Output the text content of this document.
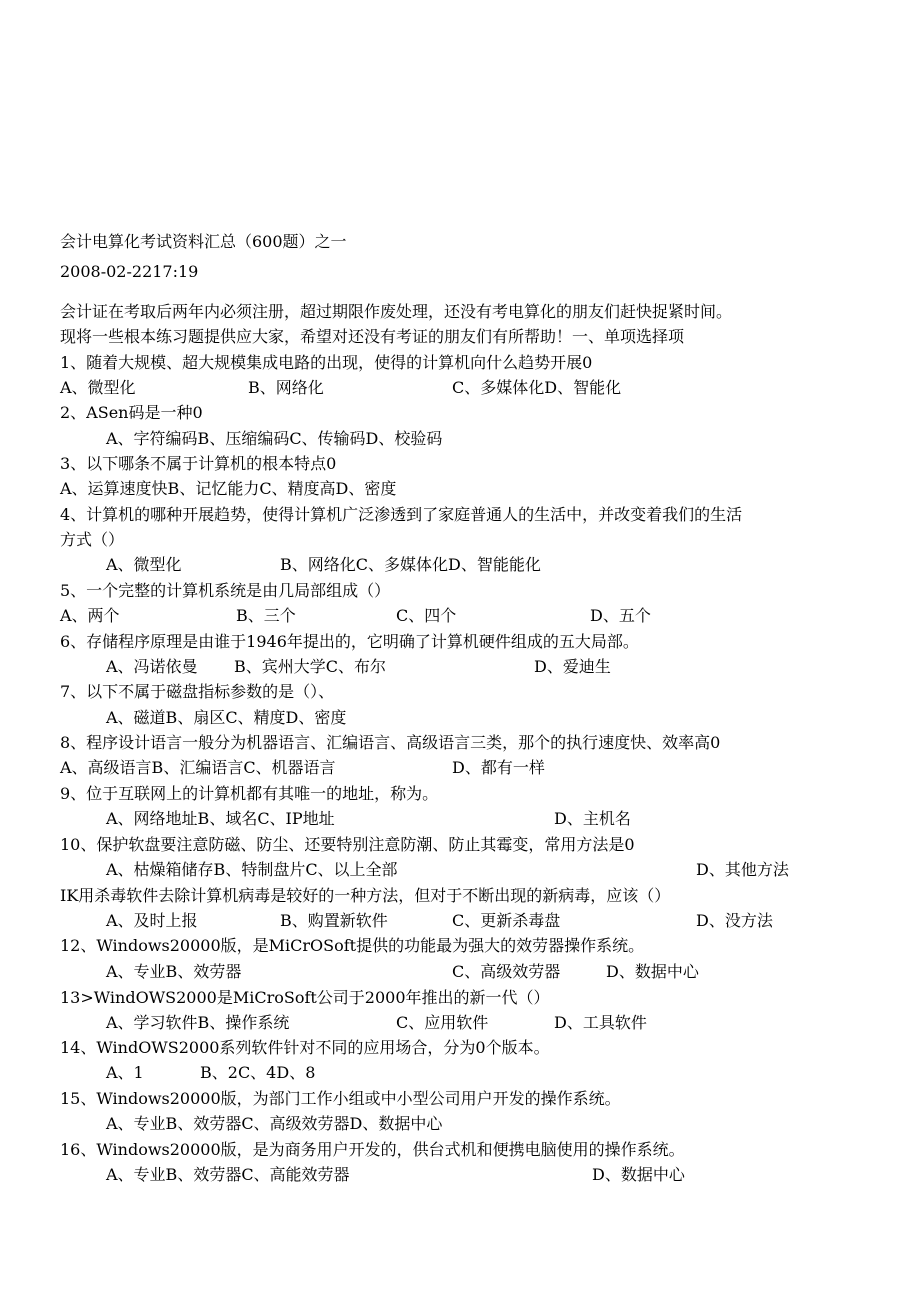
会计电算化考试资料汇总（600题）之一
2008-02-2217:19
会计证在考取后两年内必须注册，超过期限作废处理，还没有考电算化的朋友们赶快捉紧时间。
现将一些根本练习题提供应大家，希望对还没有考证的朋友们有所帮助！一、单项选择项
1、随着大规模、超大规模集成电路的出现，使得的计算机向什么趋势开展0
A、微型化	B、网络化	C、多媒体化D、智能化
2、ASen码是一种0
A、字符编码B、压缩编码C、传输码D、校验码
3、以下哪条不属于计算机的根本特点0
A、运算速度快B、记忆能力C、精度高D、密度
4、计算机的哪种开展趋势，使得计算机广泛渗透到了家庭普通人的生活中，并改变着我们的生活
方式（）
A、微型化	B、网络化C、多媒体化D、智能能化
5、一个完整的计算机系统是由几局部组成（）
A、两个	B、三个	C、四个	D、五个
6、存储程序原理是由谁于1946年提出的，它明确了计算机硬件组成的五大局部。
A、冯诺依曼 B、宾州大学C、布尔	D、爱迪生
7、以下不属于磁盘指标参数的是（）、
A、磁道B、扇区C、精度D、密度
8、程序设计语言一般分为机器语言、汇编语言、高级语言三类，那个的执行速度快、效率高0
A、高级语言B、汇编语言C、机器语言	D、都有一样
9、位于互联网上的计算机都有其唯一的地址，称为。
A、网络地址B、域名C、IP地址	D、主机名
10、保护软盘要注意防磁、防尘、还要特别注意防潮、防止其霉变，常用方法是0
A、枯燥箱储存B、特制盘片C、以上全部	D、其他方法
IK用杀毒软件去除计算机病毒是较好的一种方法，但对于不断出现的新病毒，应该（）
A、及时上报	B、购置新软件	C、更新杀毒盘	D、没方法
12、Windows20000版，是MiCrOSoft提供的功能最为强大的效劳器操作系统。
A、专业B、效劳器	C、高级效劳器	D、数据中心
13>WindOWS2000是MiCroSoft公司于2000年推出的新一代（）
A、学习软件B、操作系统	C、应用软件	D、工具软件
14、WindOWS2000系列软件针对不同的应用场合，分为0个版本。
A、1	B、2C、4D、8
15、Windows20000版，为部门工作小组或中小型公司用户开发的操作系统。
A、专业B、效劳器C、高级效劳器D、数据中心
16、Windows20000版，是为商务用户开发的，供台式机和便携电脑使用的操作系统。
A、专业B、效劳器C、高能效劳器	D、数据中心
